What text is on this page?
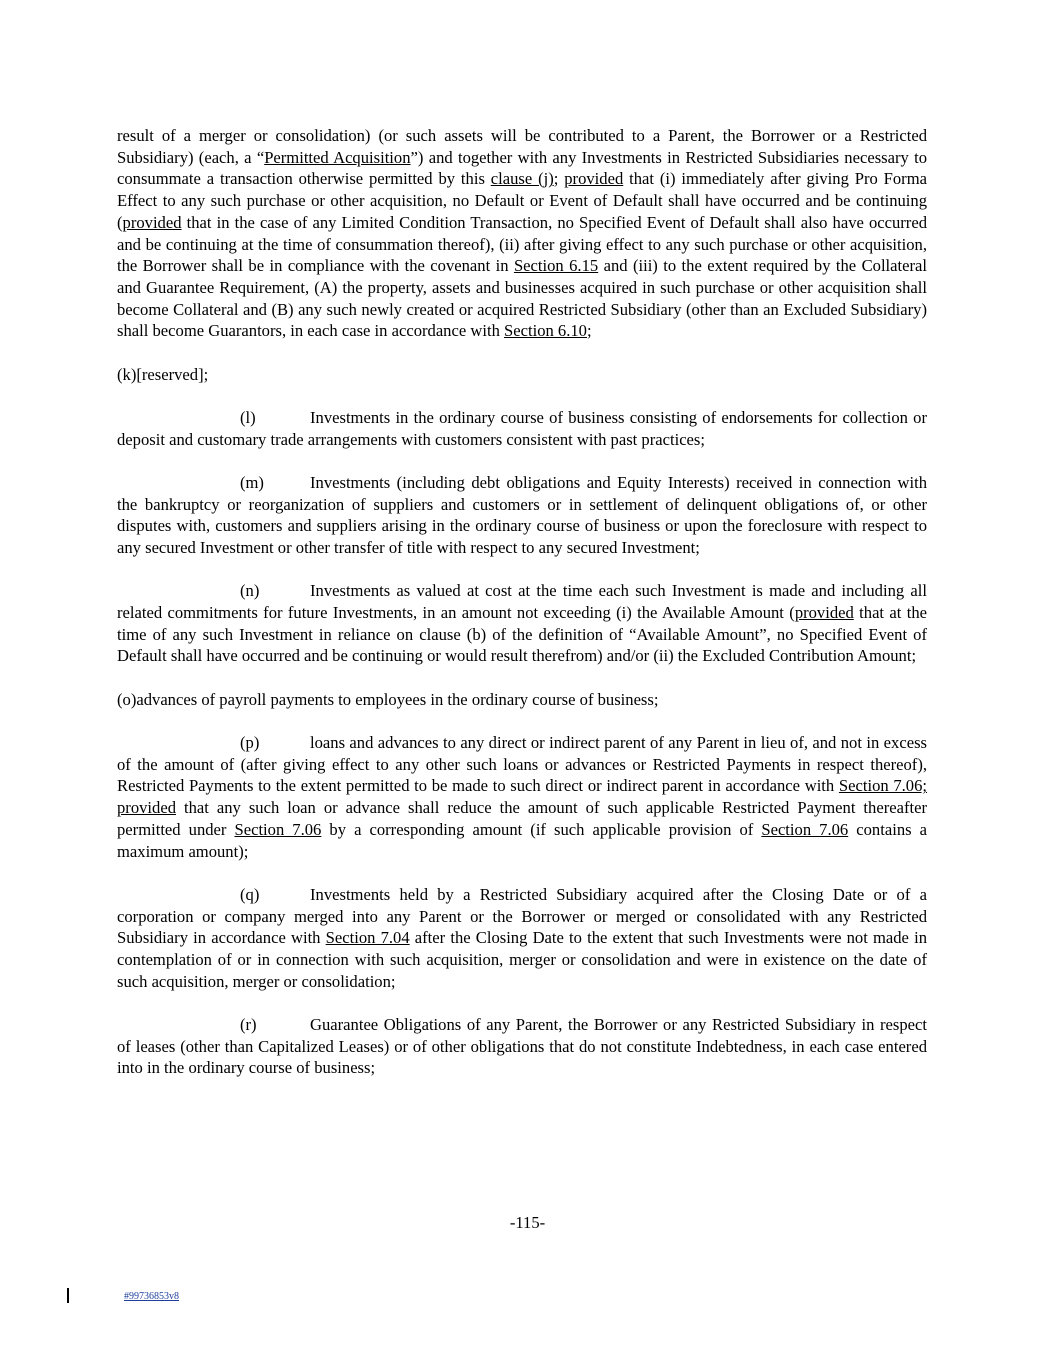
result of a merger or consolidation) (or such assets will be contributed to a Parent, the Borrower or a Restricted Subsidiary) (each, a “Permitted Acquisition”) and together with any Investments in Restricted Subsidiaries necessary to consummate a transaction otherwise permitted by this clause (j); provided that (i) immediately after giving Pro Forma Effect to any such purchase or other acquisition, no Default or Event of Default shall have occurred and be continuing (provided that in the case of any Limited Condition Transaction, no Specified Event of Default shall also have occurred and be continuing at the time of consummation thereof), (ii) after giving effect to any such purchase or other acquisition, the Borrower shall be in compliance with the covenant in Section 6.15 and (iii) to the extent required by the Collateral and Guarantee Requirement, (A) the property, assets and businesses acquired in such purchase or other acquisition shall become Collateral and (B) any such newly created or acquired Restricted Subsidiary (other than an Excluded Subsidiary) shall become Guarantors, in each case in accordance with Section 6.10;

(k)[reserved];

(l)	Investments in the ordinary course of business consisting of endorsements for collection or deposit and customary trade arrangements with customers consistent with past practices;

(m)	Investments (including debt obligations and Equity Interests) received in connection with the bankruptcy or reorganization of suppliers and customers or in settlement of delinquent obligations of, or other disputes with, customers and suppliers arising in the ordinary course of business or upon the foreclosure with respect to any secured Investment or other transfer of title with respect to any secured Investment;

(n)	Investments as valued at cost at the time each such Investment is made and including all related commitments for future Investments, in an amount not exceeding (i) the Available Amount (provided that at the time of any such Investment in reliance on clause (b) of the definition of “Available Amount”, no Specified Event of Default shall have occurred and be continuing or would result therefrom) and/or (ii) the Excluded Contribution Amount;

(o)advances of payroll payments to employees in the ordinary course of business;

(p)	loans and advances to any direct or indirect parent of any Parent in lieu of, and not in excess of the amount of (after giving effect to any other such loans or advances or Restricted Payments in respect thereof), Restricted Payments to the extent permitted to be made to such direct or indirect parent in accordance with Section 7.06; provided that any such loan or advance shall reduce the amount of such applicable Restricted Payment thereafter permitted under Section 7.06 by a corresponding amount (if such applicable provision of Section 7.06 contains a maximum amount);

(q)	Investments held by a Restricted Subsidiary acquired after the Closing Date or of a corporation or company merged into any Parent or the Borrower or merged or consolidated with any Restricted Subsidiary in accordance with Section 7.04 after the Closing Date to the extent that such Investments were not made in contemplation of or in connection with such acquisition, merger or consolidation and were in existence on the date of such acquisition, merger or consolidation;

(r)	Guarantee Obligations of any Parent, the Borrower or any Restricted Subsidiary in respect of leases (other than Capitalized Leases) or of other obligations that do not constitute Indebtedness, in each case entered into in the ordinary course of business;

-115-
#99736853v8
